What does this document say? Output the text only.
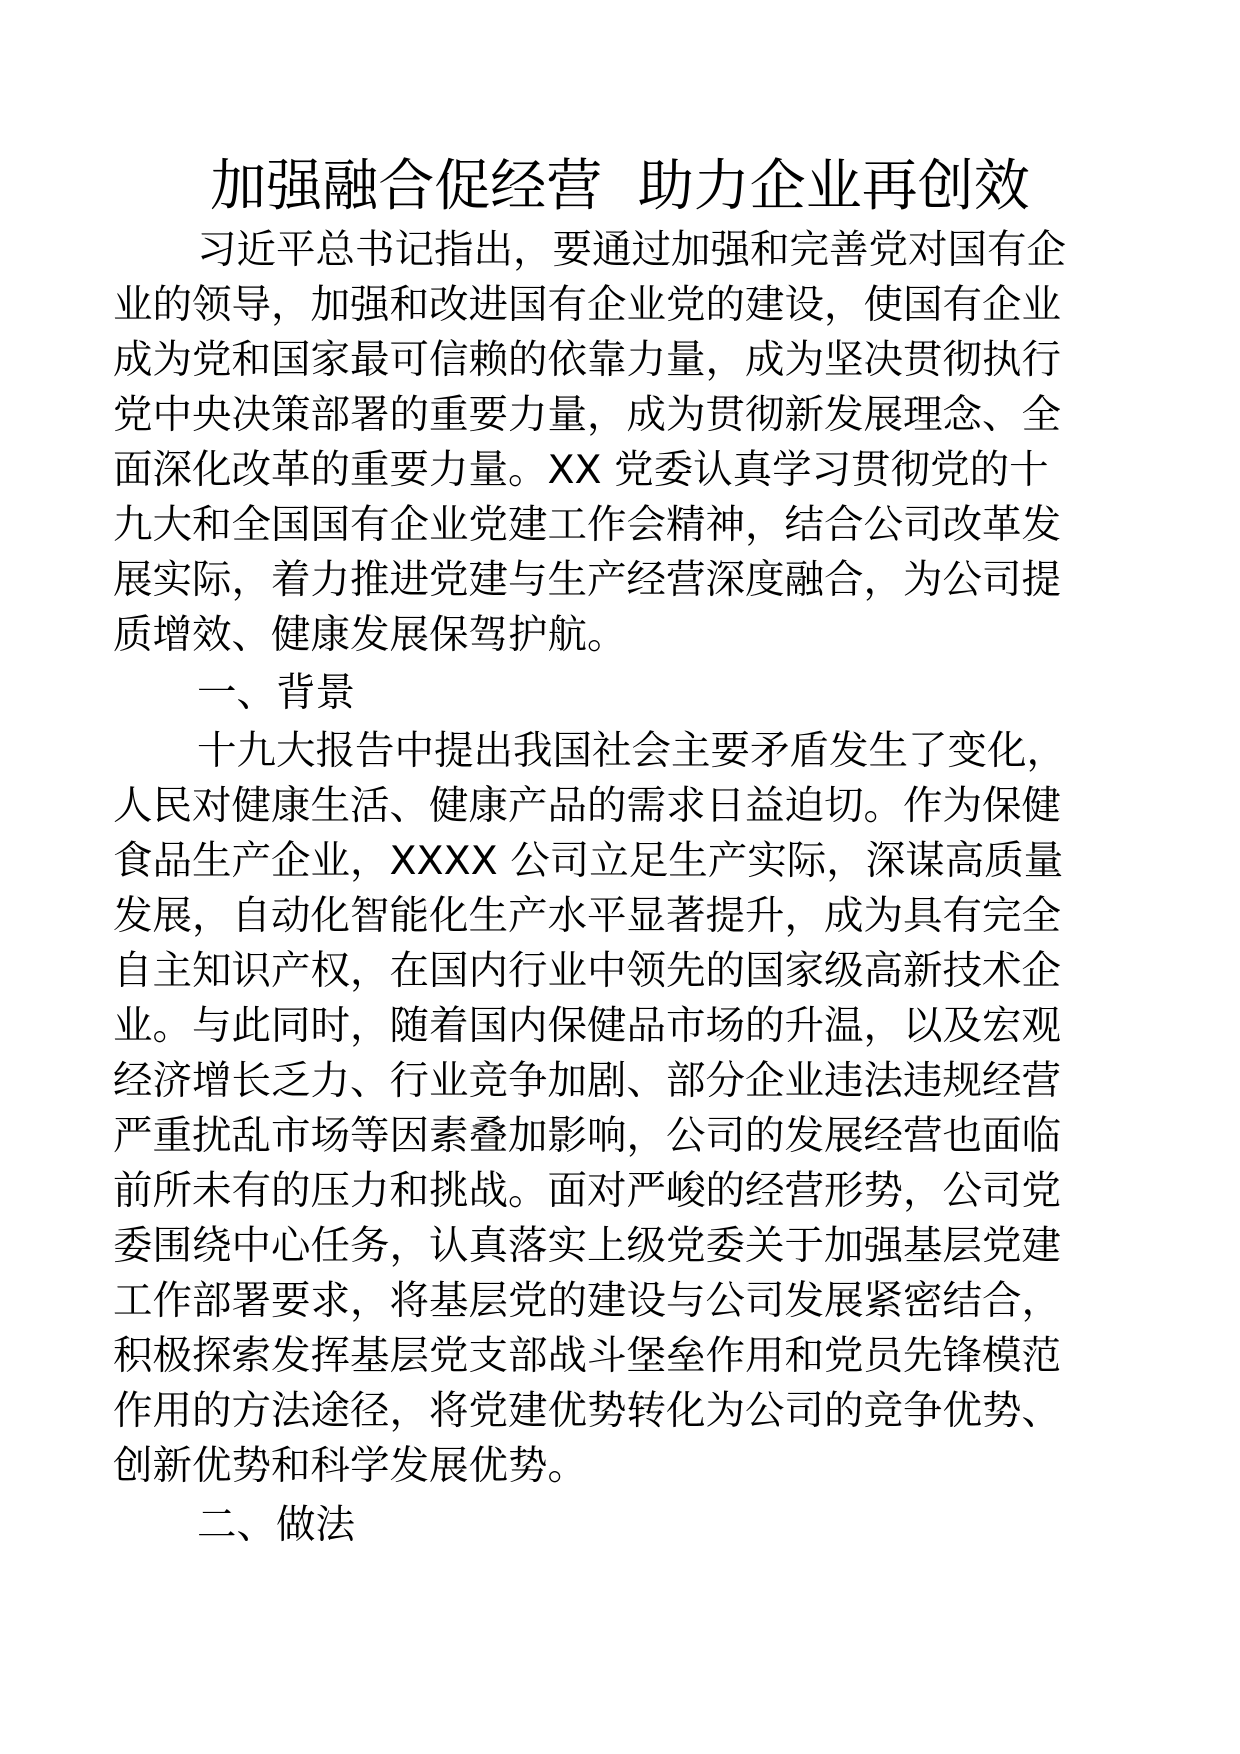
加强融合促经营  助力企业再创效
习近平总书记指出，要通过加强和完善党对国有企
业的领导，加强和改进国有企业党的建设，使国有企业
成为党和国家最可信赖的依靠力量，成为坚决贯彻执行
党中央决策部署的重要力量，成为贯彻新发展理念、全
面深化改革的重要力量。XX 党委认真学习贯彻党的十
九大和全国国有企业党建工作会精神，结合公司改革发
展实际，着力推进党建与生产经营深度融合，为公司提
质增效、健康发展保驾护航。
一、背景
十九大报告中提出我国社会主要矛盾发生了变化，
人民对健康生活、健康产品的需求日益迫切。作为保健
食品生产企业，XXXX 公司立足生产实际，深谋高质量
发展，自动化智能化生产水平显著提升，成为具有完全
自主知识产权，在国内行业中领先的国家级高新技术企
业。与此同时，随着国内保健品市场的升温，以及宏观
经济增长乏力、行业竞争加剧、部分企业违法违规经营
严重扰乱市场等因素叠加影响，公司的发展经营也面临
前所未有的压力和挑战。面对严峻的经营形势，公司党
委围绕中心任务，认真落实上级党委关于加强基层党建
工作部署要求，将基层党的建设与公司发展紧密结合，
积极探索发挥基层党支部战斗堡垒作用和党员先锋模范
作用的方法途径，将党建优势转化为公司的竞争优势、
创新优势和科学发展优势。
二、做法
